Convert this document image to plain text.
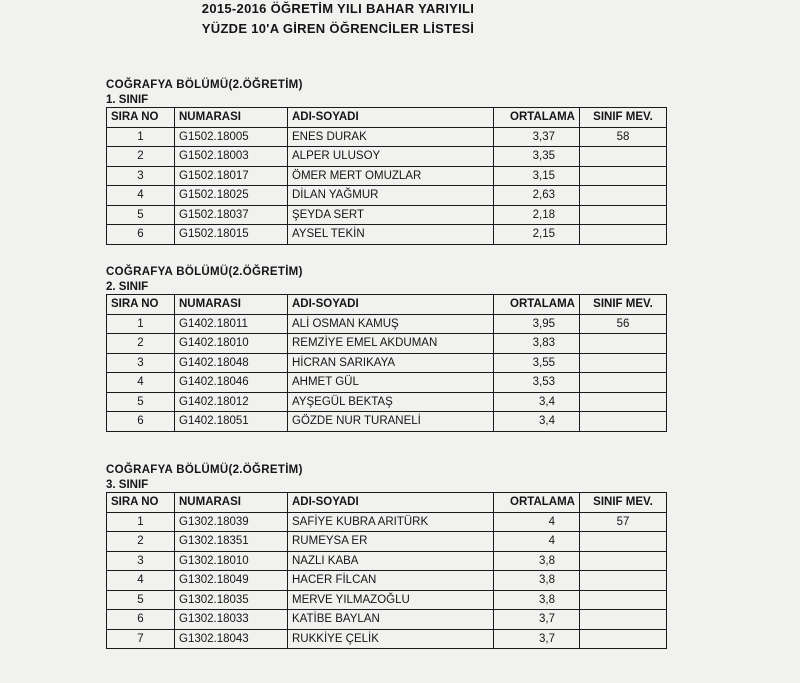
2015-2016 ÖĞRETİM YILI BAHAR YARIYILI
YÜZDE 10'A GİREN ÖĞRENCİLER LİSTESİ
COĞRAFYA BÖLÜMÜ(2.ÖĞRETİM)
1. SINIF
SIRA NO	NUMARASI	ADI-SOYADI	ORTALAMA	SINIF MEV.
1	G1502.18005	ENES DURAK	3,37	58
2	G1502.18003	ALPER ULUSOY	3,35	
3	G1502.18017	ÖMER MERT OMUZLAR	3,15	
4	G1502.18025	DİLAN YAĞMUR	2,63	
5	G1502.18037	ŞEYDA SERT	2,18	
6	G1502.18015	AYSEL TEKİN	2,15	
COĞRAFYA BÖLÜMÜ(2.ÖĞRETİM)
2. SINIF
SIRA NO	NUMARASI	ADI-SOYADI	ORTALAMA	SINIF MEV.
1	G1402.18011	ALİ OSMAN KAMUŞ	3,95	56
2	G1402.18010	REMZİYE EMEL AKDUMAN	3,83	
3	G1402.18048	HİCRAN SARIKAYA	3,55	
4	G1402.18046	AHMET GÜL	3,53	
5	G1402.18012	AYŞEGÜL BEKTAŞ	3,4	
6	G1402.18051	GÖZDE NUR TURANELİ	3,4	
COĞRAFYA BÖLÜMÜ(2.ÖĞRETİM)
3. SINIF
SIRA NO	NUMARASI	ADI-SOYADI	ORTALAMA	SINIF MEV.
1	G1302.18039	SAFİYE KUBRA ARITÜRK	4	57
2	G1302.18351	RUMEYSA ER	4	
3	G1302.18010	NAZLI KABA	3,8	
4	G1302.18049	HACER FİLCAN	3,8	
5	G1302.18035	MERVE YILMAZOĞLU	3,8	
6	G1302.18033	KATİBE BAYLAN	3,7	
7	G1302.18043	RUKKİYE ÇELİK	3,7	
